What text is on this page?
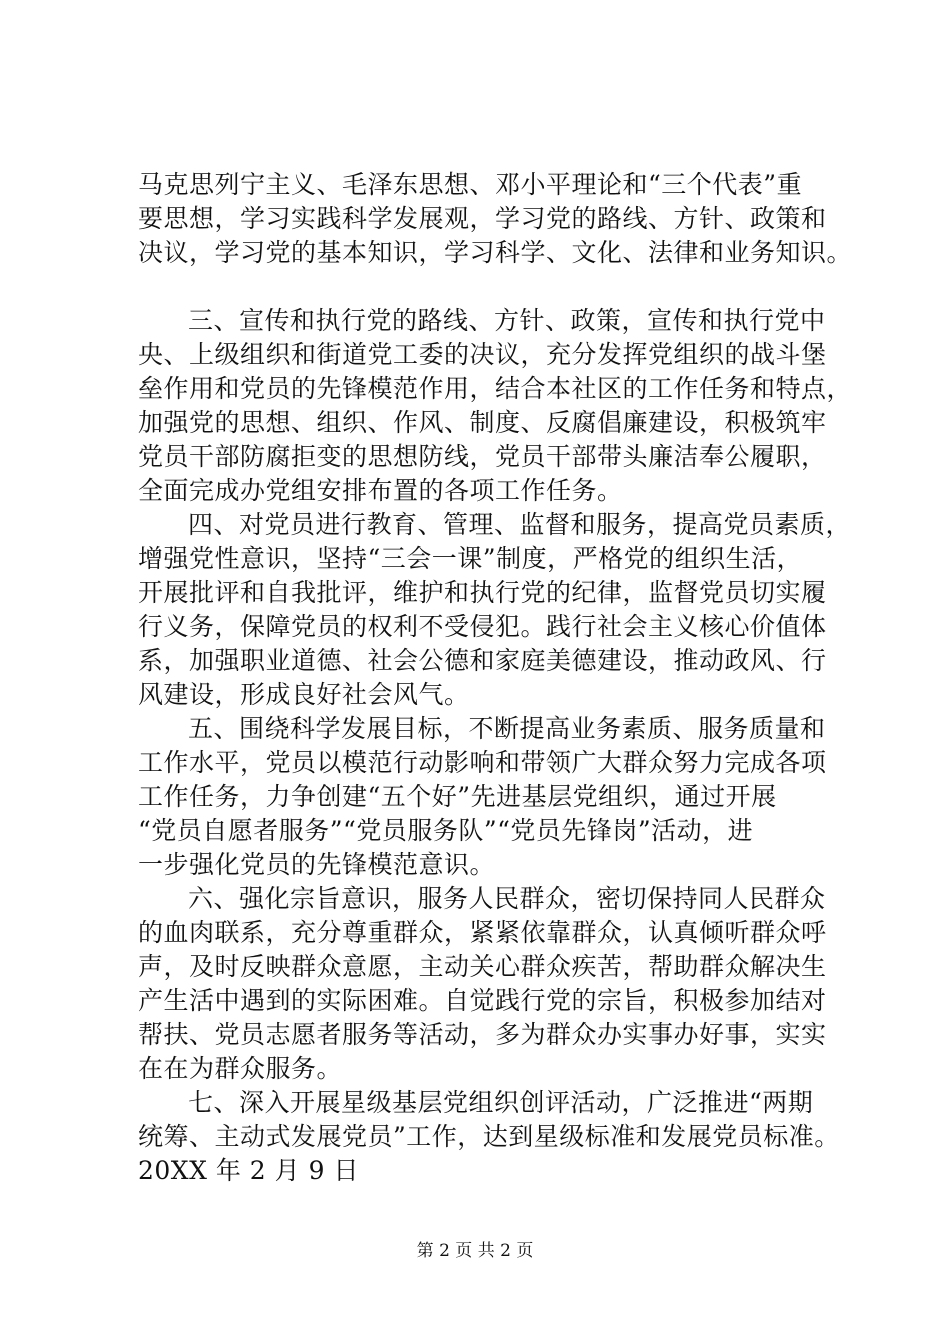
马克思列宁主义、毛泽东思想、邓小平理论和“三个代表”重
要思想，学习实践科学发展观，学习党的路线、方针、政策和
决议，学习党的基本知识，学习科学、文化、法律和业务知识。
三、宣传和执行党的路线、方针、政策，宣传和执行党中
央、上级组织和街道党工委的决议，充分发挥党组织的战斗堡
垒作用和党员的先锋模范作用，结合本社区的工作任务和特点，
加强党的思想、组织、作风、制度、反腐倡廉建设，积极筑牢
党员干部防腐拒变的思想防线，党员干部带头廉洁奉公履职，
全面完成办党组安排布置的各项工作任务。
四、对党员进行教育、管理、监督和服务，提高党员素质，
增强党性意识，坚持“三会一课”制度，严格党的组织生活，
开展批评和自我批评，维护和执行党的纪律，监督党员切实履
行义务，保障党员的权利不受侵犯。践行社会主义核心价值体
系，加强职业道德、社会公德和家庭美德建设，推动政风、行
风建设，形成良好社会风气。
五、围绕科学发展目标，不断提高业务素质、服务质量和
工作水平，党员以模范行动影响和带领广大群众努力完成各项
工作任务，力争创建“五个好”先进基层党组织，通过开展
“党员自愿者服务”“党员服务队”“党员先锋岗”活动，进
一步强化党员的先锋模范意识。
六、强化宗旨意识，服务人民群众，密切保持同人民群众
的血肉联系，充分尊重群众，紧紧依靠群众，认真倾听群众呼
声，及时反映群众意愿，主动关心群众疾苦，帮助群众解决生
产生活中遇到的实际困难。自觉践行党的宗旨，积极参加结对
帮扶、党员志愿者服务等活动，多为群众办实事办好事，实实
在在为群众服务。
七、深入开展星级基层党组织创评活动，广泛推进“两期
统筹、主动式发展党员”工作，达到星级标准和发展党员标准。
20XX 年 2 月 9 日
第 2 页 共 2 页
